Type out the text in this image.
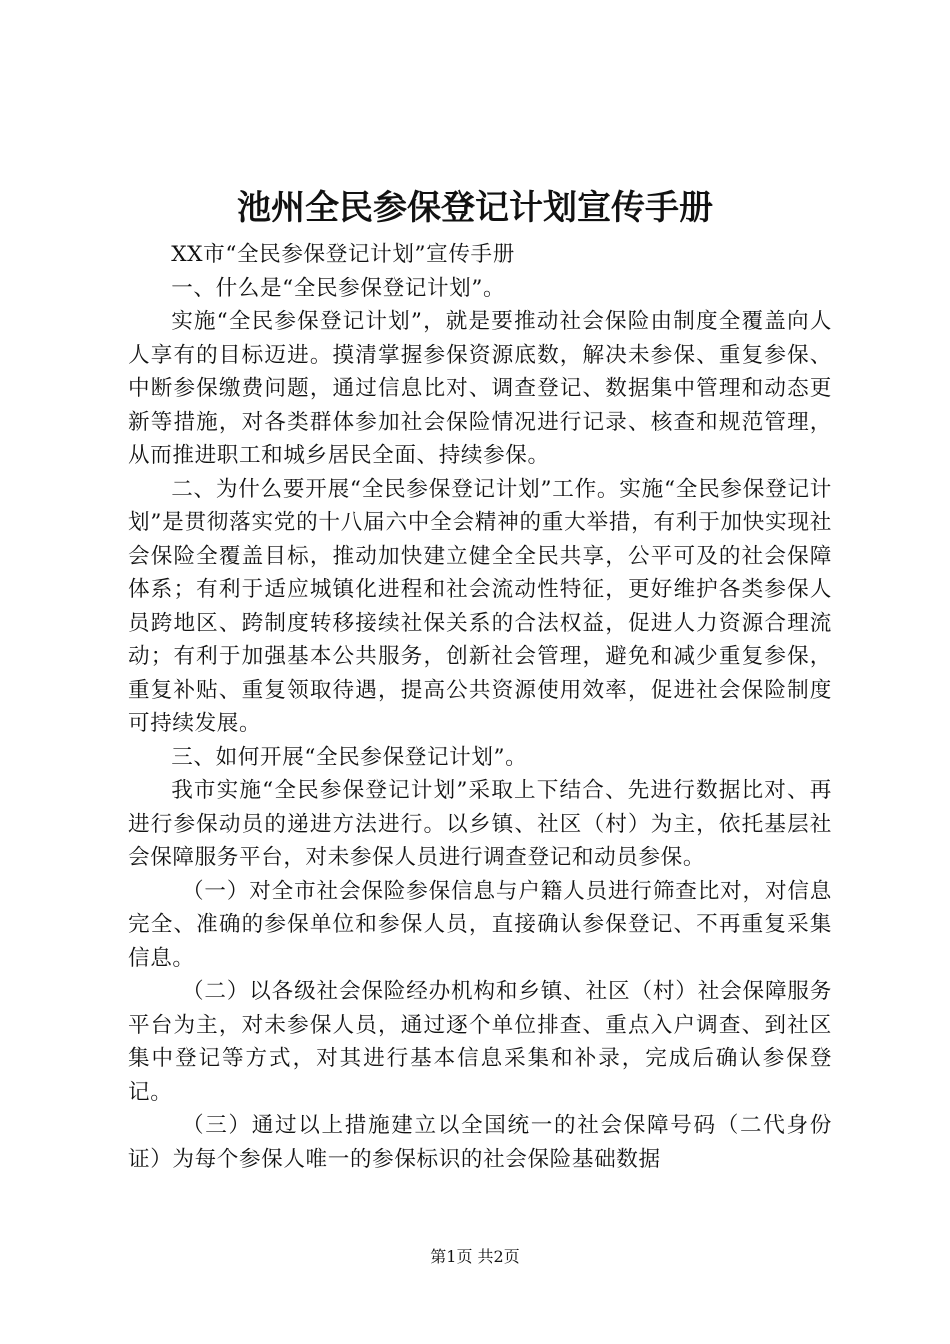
池州全民参保登记计划宣传手册

XX市“全民参保登记计划”宣传手册

一、什么是“全民参保登记计划”。

实施“全民参保登记计划”，就是要推动社会保险由制度全覆盖向人人享有的目标迈进。摸清掌握参保资源底数，解决未参保、重复参保、中断参保缴费问题，通过信息比对、调查登记、数据集中管理和动态更新等措施，对各类群体参加社会保险情况进行记录、核查和规范管理，从而推进职工和城乡居民全面、持续参保。

二、为什么要开展“全民参保登记计划”工作。实施“全民参保登记计划”是贯彻落实党的十八届六中全会精神的重大举措，有利于加快实现社会保险全覆盖目标，推动加快建立健全全民共享，公平可及的社会保障体系；有利于适应城镇化进程和社会流动性特征，更好维护各类参保人员跨地区、跨制度转移接续社保关系的合法权益，促进人力资源合理流动；有利于加强基本公共服务，创新社会管理，避免和减少重复参保，重复补贴、重复领取待遇，提高公共资源使用效率，促进社会保险制度可持续发展。

三、如何开展“全民参保登记计划”。

我市实施“全民参保登记计划”采取上下结合、先进行数据比对、再进行参保动员的递进方法进行。以乡镇、社区（村）为主，依托基层社会保障服务平台，对未参保人员进行调查登记和动员参保。

（一）对全市社会保险参保信息与户籍人员进行筛查比对，对信息完全、准确的参保单位和参保人员，直接确认参保登记、不再重复采集信息。

（二）以各级社会保险经办机构和乡镇、社区（村）社会保障服务平台为主，对未参保人员，通过逐个单位排查、重点入户调查、到社区集中登记等方式，对其进行基本信息采集和补录，完成后确认参保登记。

（三）通过以上措施建立以全国统一的社会保障号码（二代身份证）为每个参保人唯一的参保标识的社会保险基础数据

第1页 共2页
